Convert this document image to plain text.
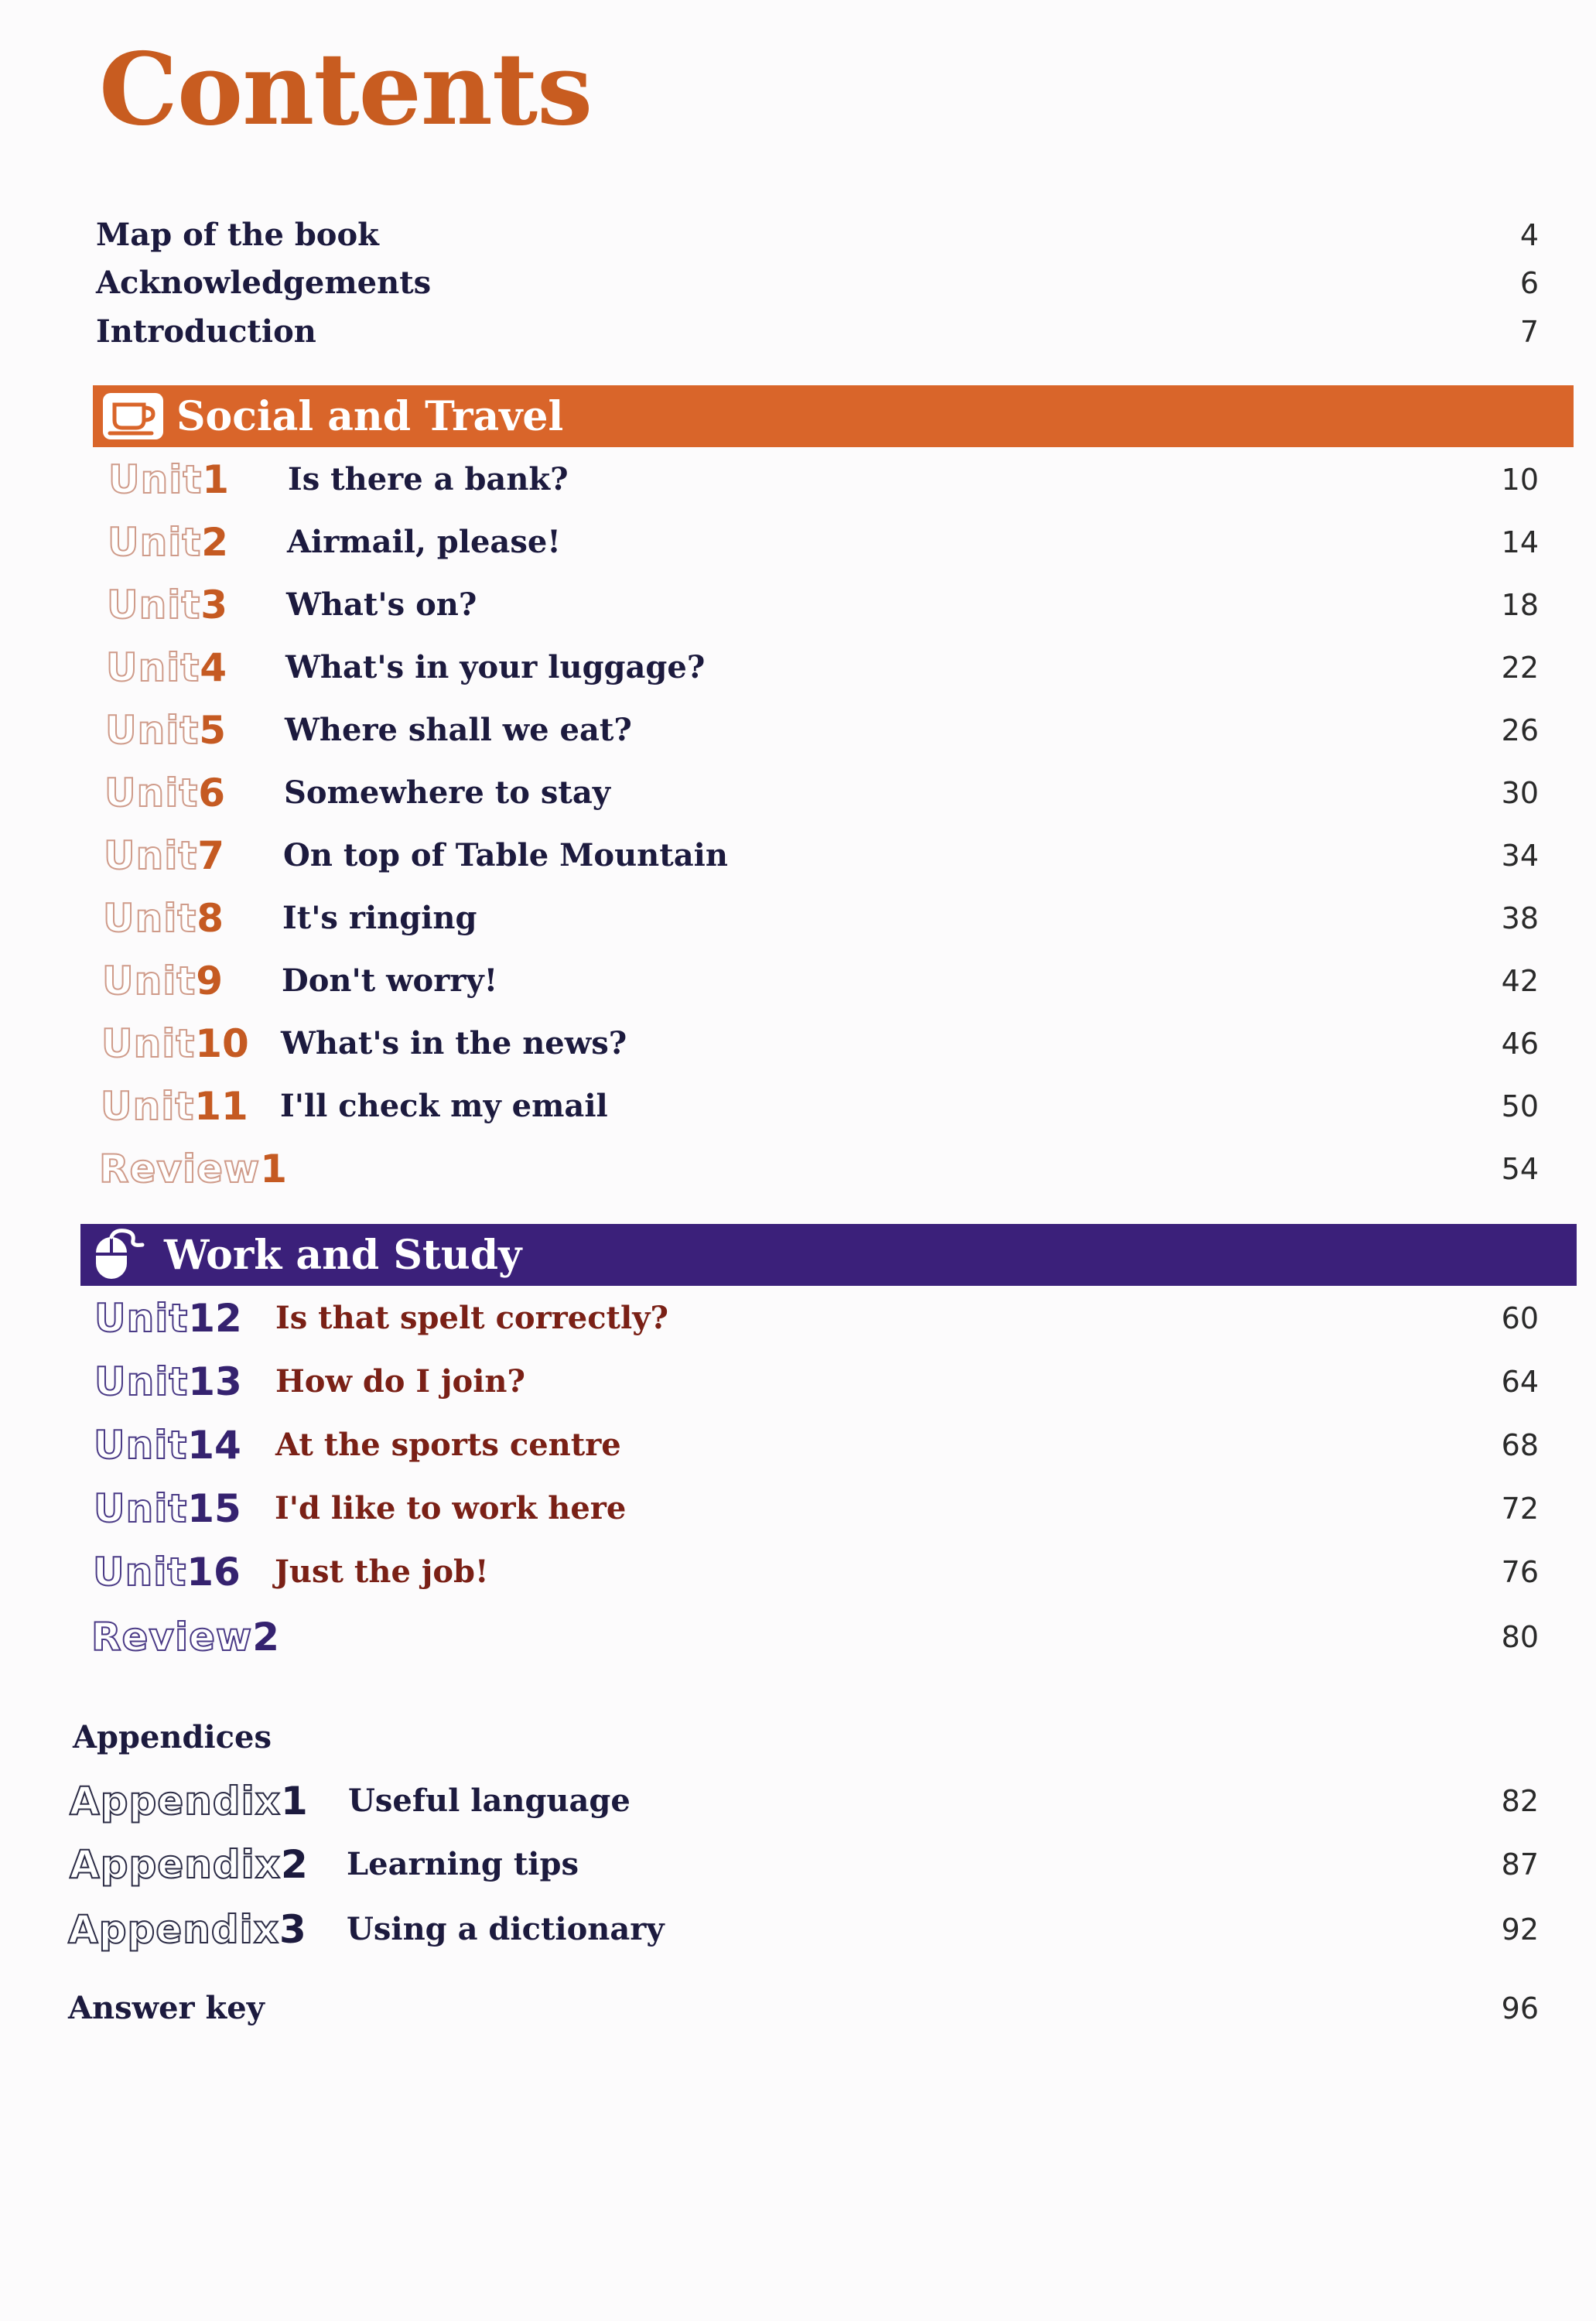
Contents
Map of the book	4
Acknowledgements	6
Introduction	7
Social and Travel
Unit1 Is there a bank?	10
Unit2 Airmail, please!	14
Unit3 What's on?	18
Unit4 What's in your luggage?	22
Unit5 Where shall we eat?	26
Unit6 Somewhere to stay	30
Unit7 On top of Table Mountain	34
Unit8 It's ringing	38
Unit9 Don't worry!	42
Unit10 What's in the news?	46
Unit11 I'll check my email	50
Review1	54
Work and Study
Unit12 Is that spelt correctly?	60
Unit13 How do I join?	64
Unit14 At the sports centre	68
Unit15 I'd like to work here	72
Unit16 Just the job!	76
Review2	80
Appendices
Appendix1 Useful language	82
Appendix2 Learning tips	87
Appendix3 Using a dictionary	92
Answer key	96
